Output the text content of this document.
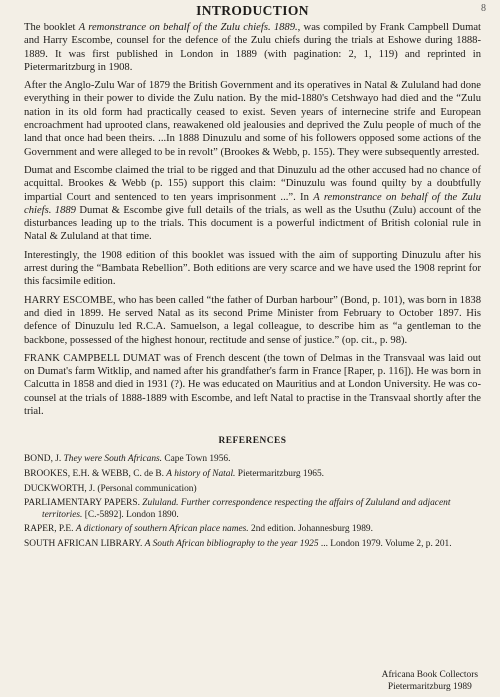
8
INTRODUCTION

The booklet A remonstrance on behalf of the Zulu chiefs. 1889., was compiled by Frank Campbell Dumat and Harry Escombe, counsel for the defence of the Zulu chiefs during the trials at Eshowe during 1888-1889. It was first published in London in 1889 (with pagination: 2, 1, 119) and reprinted in Pietermaritzburg in 1908.

After the Anglo-Zulu War of 1879 the British Government and its operatives in Natal & Zululand had done everything in their power to divide the Zulu nation. By the mid-1880's Cetshwayo had died and the “Zulu nation in its old form had practically ceased to exist. Seven years of internecine strife and European encroachment had uprooted clans, reawakened old jealousies and deprived the Zulu people of much of the land that once had been theirs. ...In 1888 Dinuzulu and some of his followers opposed some actions of the Government and were alleged to be in revolt” (Brookes & Webb, p. 155). They were subsequently arrested.

Dumat and Escombe claimed the trial to be rigged and that Dinuzulu ad the other accused had no chance of acquittal. Brookes & Webb (p. 155) support this claim: “Dinuzulu was found quilty by a doubtfully impartial Court and sentenced to ten years imprisonment ...”. In A remonstrance on behalf of the Zulu chiefs. 1889 Dumat & Escombe give full details of the trials, as well as the Usuthu (Zulu) account of the disturbances leading up to the trials. This document is a powerful indictment of British colonial rule in Natal & Zululand at that time.

Interestingly, the 1908 edition of this booklet was issued with the aim of supporting Dinuzulu after his arrest during the “Bambata Rebellion”. Both editions are very scarce and we have used the 1908 reprint for this facsimile edition.

HARRY ESCOMBE, who has been called “the father of Durban harbour” (Bond, p. 101), was born in 1838 and died in 1899. He served Natal as its second Prime Minister from February to October 1897. His defence of Dinuzulu led R.C.A. Samuelson, a legal colleague, to describe him as “a gentleman to the backbone, possessed of the highest honour, rectitude and sense of justice.” (op. cit., p. 98).

FRANK CAMPBELL DUMAT was of French descent (the town of Delmas in the Transvaal was laid out on Dumat's farm Witklip, and named after his grandfather's farm in France [Raper, p. 116]). He was born in Calcutta in 1858 and died in 1931 (?). He was educated on Mauritius and at London University. He was co-counsel at the trials of 1888-1889 with Escombe, and left Natal to practise in the Transvaal shortly after the trial.

REFERENCES

BOND, J. They were South Africans. Cape Town 1956.

BROOKES, E.H. & WEBB, C. de B. A history of Natal. Pietermaritzburg 1965.

DUCKWORTH, J. (Personal communication)

PARLIAMENTARY PAPERS. Zululand. Further correspondence respecting the affairs of Zululand and adjacent territories. [C.-5892]. London 1890.

RAPER, P.E. A dictionary of southern African place names. 2nd edition. Johannesburg 1989.

SOUTH AFRICAN LIBRARY. A South African bibliography to the year 1925 ... London 1979. Volume 2, p. 201.

Africana Book Collectors
Pietermaritzburg 1989
